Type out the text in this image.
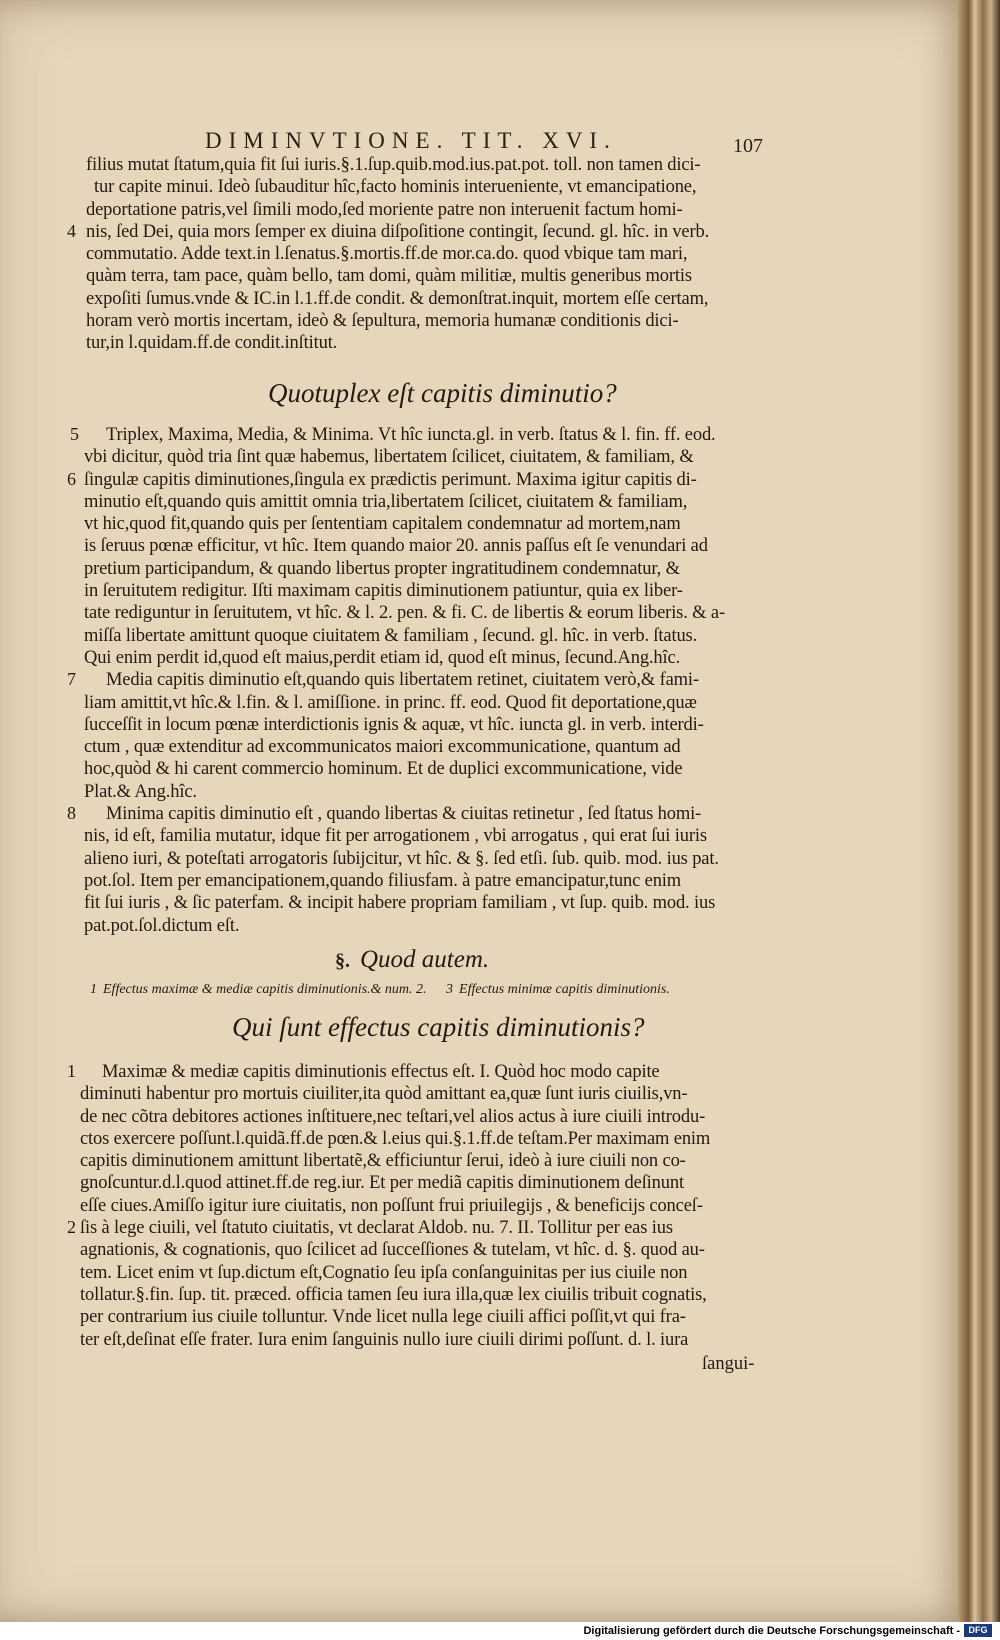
DIMINVTIONE. TIT. XVI.	107
filius mutat ſtatum,quia fit ſui iuris.§.1.ſup.quib.mod.ius.pat.pot. toll. non tamen dici-
tur capite minui. Ideò ſubauditur hîc,facto hominis interueniente, vt emancipatione,
deportatione patris,vel ſimili modo,ſed moriente patre non interuenit factum homi-
nis, ſed Dei, quia mors ſemper ex diuina diſpoſitione contingit, ſecund. gl. hîc. in verb.
commutatio. Adde text.in l.ſenatus.§.mortis.ff.de mor.ca.do. quod vbique tam mari,
quàm terra, tam pace, quàm bello, tam domi, quàm militiæ, multis generibus mortis
expoſiti ſumus.vnde & IC.in l.1.ff.de condit. & demonſtrat.inquit, mortem eſſe certam,
horam verò mortis incertam, ideò & ſepultura, memoria humanæ conditionis dici-
tur,in l.quidam.ff.de condit.inſtitut.
4
Quotuplex eſt capitis diminutio?
Triplex, Maxima, Media, & Minima. Vt hîc iuncta.gl. in verb. ſtatus & l. fin. ff. eod.
vbi dicitur, quòd tria ſint quæ habemus, libertatem ſcilicet, ciuitatem, & familiam, &
ſingulæ capitis diminutiones,ſingula ex prædictis perimunt. Maxima igitur capitis di-
minutio eſt,quando quis amittit omnia tria,libertatem ſcilicet, ciuitatem & familiam,
vt hic,quod fit,quando quis per ſententiam capitalem condemnatur ad mortem,nam
is ſeruus pœnæ efficitur, vt hîc. Item quando maior 20. annis paſſus eſt ſe venundari ad
pretium participandum, & quando libertus propter ingratitudinem condemnatur, &
in ſeruitutem redigitur. Iſti maximam capitis diminutionem patiuntur, quia ex liber-
tate rediguntur in ſeruitutem, vt hîc. & l. 2. pen. & fi. C. de libertis & eorum liberis. & a-
miſſa libertate amittunt quoque ciuitatem & familiam , ſecund. gl. hîc. in verb. ſtatus.
Qui enim perdit id,quod eſt maius,perdit etiam id, quod eſt minus, ſecund.Ang.hîc.
Media capitis diminutio eſt,quando quis libertatem retinet, ciuitatem verò,& fami-
liam amittit,vt hîc.& l.fin. & l. amiſſione. in princ. ff. eod. Quod fit deportatione,quæ
ſucceſſit in locum pœnæ interdictionis ignis & aquæ, vt hîc. iuncta gl. in verb. interdi-
ctum , quæ extenditur ad excommunicatos maiori excommunicatione, quantum ad
hoc,quòd & hi carent commercio hominum. Et de duplici excommunicatione, vide
Plat.& Ang.hîc.
Minima capitis diminutio eſt , quando libertas & ciuitas retinetur , ſed ſtatus homi-
nis, id eſt, familia mutatur, idque fit per arrogationem , vbi arrogatus , qui erat ſui iuris
alieno iuri, & poteſtati arrogatoris ſubijcitur, vt hîc. & §. ſed etſi. ſub. quib. mod. ius pat.
pot.ſol. Item per emancipationem,quando filiusfam. à patre emancipatur,tunc enim
fit ſui iuris , & ſic paterfam. & incipit habere propriam familiam , vt ſup. quib. mod. ius
pat.pot.ſol.dictum eſt.
5
6
7
8
§. Quod autem.
1 Effectus maximæ & mediæ capitis diminutionis.& num. 2. 3 Effectus minimæ capitis diminutionis.
Qui ſunt effectus capitis diminutionis?
Maximæ & mediæ capitis diminutionis effectus eſt. I. Quòd hoc modo capite
diminuti habentur pro mortuis ciuiliter,ita quòd amittant ea,quæ ſunt iuris ciuilis,vn-
de nec cõtra debitores actiones inſtituere,nec teſtari,vel alios actus à iure ciuili introdu-
ctos exercere poſſunt.l.quidã.ff.de pœn.& l.eius qui.§.1.ff.de teſtam.Per maximam enim
capitis diminutionem amittunt libertatẽ,& efficiuntur ſerui, ideò à iure ciuili non co-
gnoſcuntur.d.l.quod attinet.ff.de reg.iur. Et per mediã capitis diminutionem deſinunt
eſſe ciues.Amiſſo igitur iure ciuitatis, non poſſunt frui priuilegijs , & beneficijs conceſ-
ſis à lege ciuili, vel ſtatuto ciuitatis, vt declarat Aldob. nu. 7. II. Tollitur per eas ius
agnationis, & cognationis, quo ſcilicet ad ſucceſſiones & tutelam, vt hîc. d. §. quod au-
tem. Licet enim vt ſup.dictum eſt,Cognatio ſeu ipſa conſanguinitas per ius ciuile non
tollatur.§.fin. ſup. tit. præced. officia tamen ſeu iura illa,quæ lex ciuilis tribuit cognatis,
per contrarium ius ciuile tolluntur. Vnde licet nulla lege ciuili affici poſſit,vt qui fra-
ter eſt,deſinat eſſe frater. Iura enim ſanguinis nullo iure ciuili dirimi poſſunt. d. l. iura
1
2
ſangui-
Digitalisierung gefördert durch die Deutsche Forschungsgemeinschaft - DFG
